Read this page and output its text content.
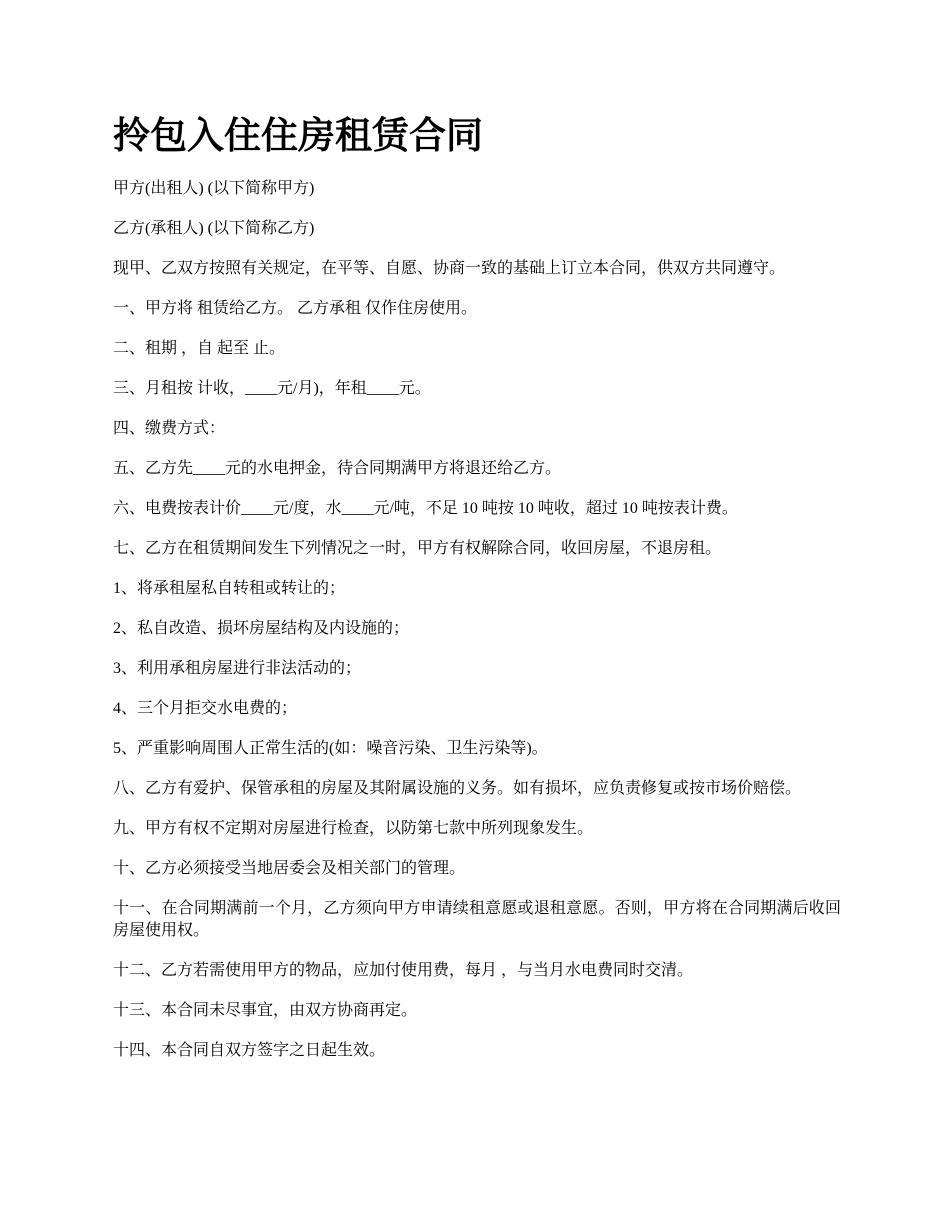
拎包入住住房租赁合同

甲方(出租人) (以下简称甲方)

乙方(承租人) (以下简称乙方)

现甲、乙双方按照有关规定，在平等、自愿、协商一致的基础上订立本合同，供双方共同遵守。

一、甲方将 租赁给乙方。 乙方承租 仅作住房使用。

二、租期 ，自 起至 止。

三、月租按 计收，____元/月)，年租____元。

四、缴费方式：

五、乙方先____元的水电押金，待合同期满甲方将退还给乙方。

六、电费按表计价____元/度，水____元/吨，不足 10 吨按 10 吨收，超过 10 吨按表计费。

七、乙方在租赁期间发生下列情况之一时，甲方有权解除合同，收回房屋，不退房租。

1、将承租屋私自转租或转让的；

2、私自改造、损坏房屋结构及内设施的；

3、利用承租房屋进行非法活动的；

4、三个月拒交水电费的；

5、严重影响周围人正常生活的(如：噪音污染、卫生污染等)。

八、乙方有爱护、保管承租的房屋及其附属设施的义务。如有损坏，应负责修复或按市场价赔偿。

九、甲方有权不定期对房屋进行检查，以防第七款中所列现象发生。

十、乙方必须接受当地居委会及相关部门的管理。

十一、在合同期满前一个月，乙方须向甲方申请续租意愿或退租意愿。否则，甲方将在合同期满后收回房屋使用权。

十二、乙方若需使用甲方的物品，应加付使用费，每月 ，与当月水电费同时交清。

十三、本合同未尽事宜，由双方协商再定。

十四、本合同自双方签字之日起生效。
